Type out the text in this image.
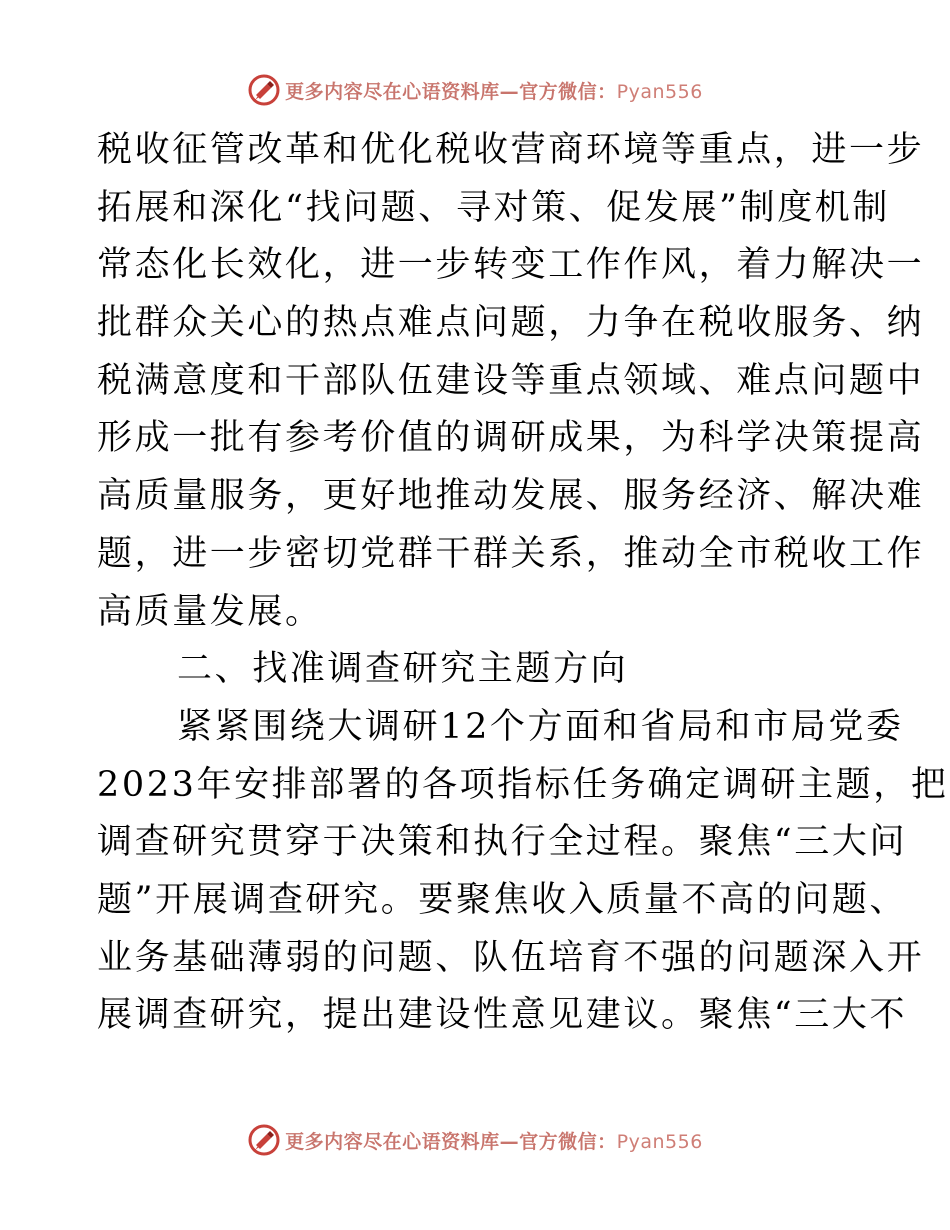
更多内容尽在心语资料库—官方微信：Pyan556
税收征管改革和优化税收营商环境等重点，进一步
拓展和深化“找问题、寻对策、促发展”制度机制
常态化长效化，进一步转变工作作风，着力解决一
批群众关心的热点难点问题，力争在税收服务、纳
税满意度和干部队伍建设等重点领域、难点问题中
形成一批有参考价值的调研成果，为科学决策提高
高质量服务，更好地推动发展、服务经济、解决难
题，进一步密切党群干群关系，推动全市税收工作
高质量发展。
二、找准调查研究主题方向
紧紧围绕大调研12个方面和省局和市局党委
2023年安排部署的各项指标任务确定调研主题，把
调查研究贯穿于决策和执行全过程。聚焦“三大问
题”开展调查研究。要聚焦收入质量不高的问题、
业务基础薄弱的问题、队伍培育不强的问题深入开
展调查研究，提出建设性意见建议。聚焦“三大不
更多内容尽在心语资料库—官方微信：Pyan556
